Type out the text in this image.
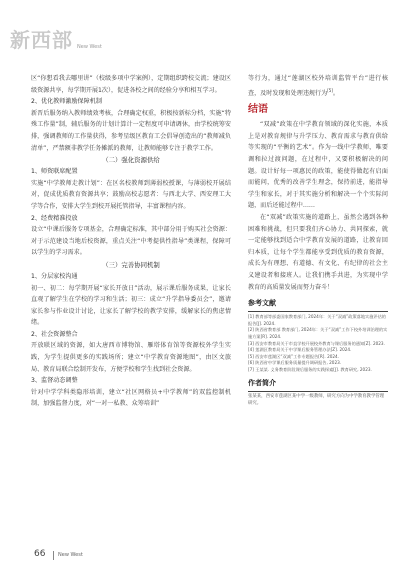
新西部 New West

区“你想看我去哪里讲”（校级多项中学案例），定期组织跨校交流；建设区级资源共享，每学期开展1次），促进各校之间的经验分享和相互学习。

2、优化教师激励保障机制

新晋后服务纳入教师绩效考核，合理确定权重，积极按新标分档，实施“特殊工作量”制，辅后服务的计划计算计一定程度可申请调休，由学校统筹安排，强调教师的工作量获得，参考星级区教育工会倡导创造出的“教师减负清单”，严禁额非教学任务摊派的教师，让教师能够专注于教学工作。

（二）强化资源供给

1、师资联席配置

实施“中学教师走教计划”：在区名校教师到薄弱校授课，与薄弱校开展结对，促成优质教育资源共享；鼓励高校志愿者：与西北大学、西安理工大学等合作，安排大学生到校开展托管指导，丰富课程内容。

2、经费精准投放

设立“中课后服务专项基金，合理确定标准，其中部分用于购买社会资源：对于示范建设当地后校资源，重点关注“中考提供性指导”类课程，保障可以学生的学习需求。

（三）完善协同机制

1、分层家校沟通

初一、初二：每学期开展“家长开放日”活动，展示课后服务成果，让家长直观了解学生在学校的学习和生活；初三：成立“升学指导委员会”，邀请家长参与作业设计讨论，让家长了解学校的教学安排，缓解家长的焦虑情绪。

2、社会资源整合

开放联区域的资源，如大唐西市博物馆、雁塔体育馆等资源校外学生实践，为学生提供更多的实践场所；建立“中学教育资源地图”，由区文旅局、教育局联合绘制开发布，方便学校和学生找到社会资源。

3、监督动态调整

针对中学学科类隐形培训，建立“社区网格员+中学教师”的双监控制机制，加强监督力度，对“一对一私教、众筹培训”

等行为，通过“莲湖区校外培训监管平台”进行核查，及时发现和处理违规行为[5]。

结语

“双减”政策在中学教育领域的深化实施，本质上是对教育规律与升学压力、教育需求与教育供给等实现的“平衡的艺术”。作为一线中学教师，唯要调和拉过渡问题，在过程中，又要积极解决的问题。设计好每一项惠民的政策，能使得做起有启面而能问，优秀的改善学生理念，保持前进，能指导学生和家长，对于其实施分析和解决一个个实际问题，而后还能过程中……

在“双减”政策实施的道路上，虽然会遇到各种困难和挑战，但只要我们齐心协力、共同探索，就一定能够找到适合中学教育发展的道路，让教育回归本质，让每个学生都能享受到优质的教育资源，成长为有理想、有道德、有文化、有纪律的社会主义建设者和接班人。让我们携手共进，为实现中学教育的高质量发展而努力奋斗！

参考文献

[1] 教育部等部委国家教育部门, 2024年：关于“双减”政策落地实施评估的报告[J]. 2024.

[2] 陕西省教育部 教育部门, 2024年：关于“双减”工作下校外培训治理的实施方案[R]. 2024.

[3] 西安市教育局关于市直学校开展校外教育与课后服务的通知[Z]. 2023.

[4] 莲湖区教育局关于中学课后服务管理办法[Z]. 2024.

[5] 西安市莲湖区“双减”工作专题报告[R]. 2024.

[6] 陕西省中学课后服务质量提升调研报告, 2023.

[7] 王某某. 义务教育阶段课后服务的实践探索[J]. 教育研究, 2023.

作者简介

张某某，西安市莲湖区某中学一级教师，研究方向为中学教育教学管理研究。

66	New West
